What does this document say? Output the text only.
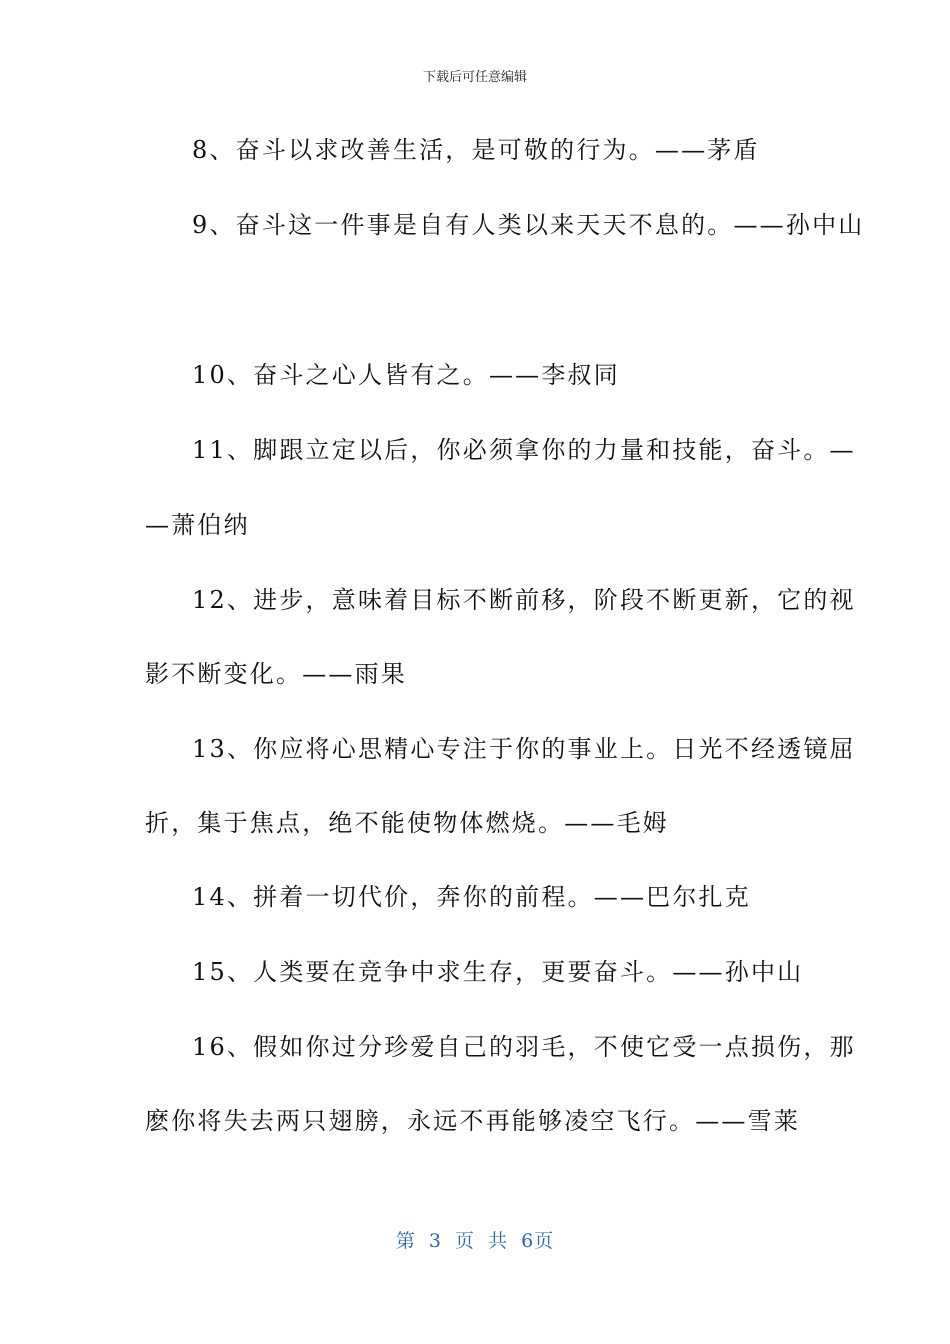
下载后可任意编辑
8、奋斗以求改善生活，是可敬的行为。——茅盾
9、奋斗这一件事是自有人类以来天天不息的。——孙中山
10、奋斗之心人皆有之。——李叔同
11、脚跟立定以后，你必须拿你的力量和技能，奋斗。—
—萧伯纳
12、进步，意味着目标不断前移，阶段不断更新，它的视
影不断变化。——雨果
13、你应将心思精心专注于你的事业上。日光不经透镜屈
折，集于焦点，绝不能使物体燃烧。——毛姆
14、拼着一切代价，奔你的前程。——巴尔扎克
15、人类要在竞争中求生存，更要奋斗。——孙中山
16、假如你过分珍爱自己的羽毛，不使它受一点损伤，那
麽你将失去两只翅膀，永远不再能够凌空飞行。——雪莱
第 3 页 共 6页
